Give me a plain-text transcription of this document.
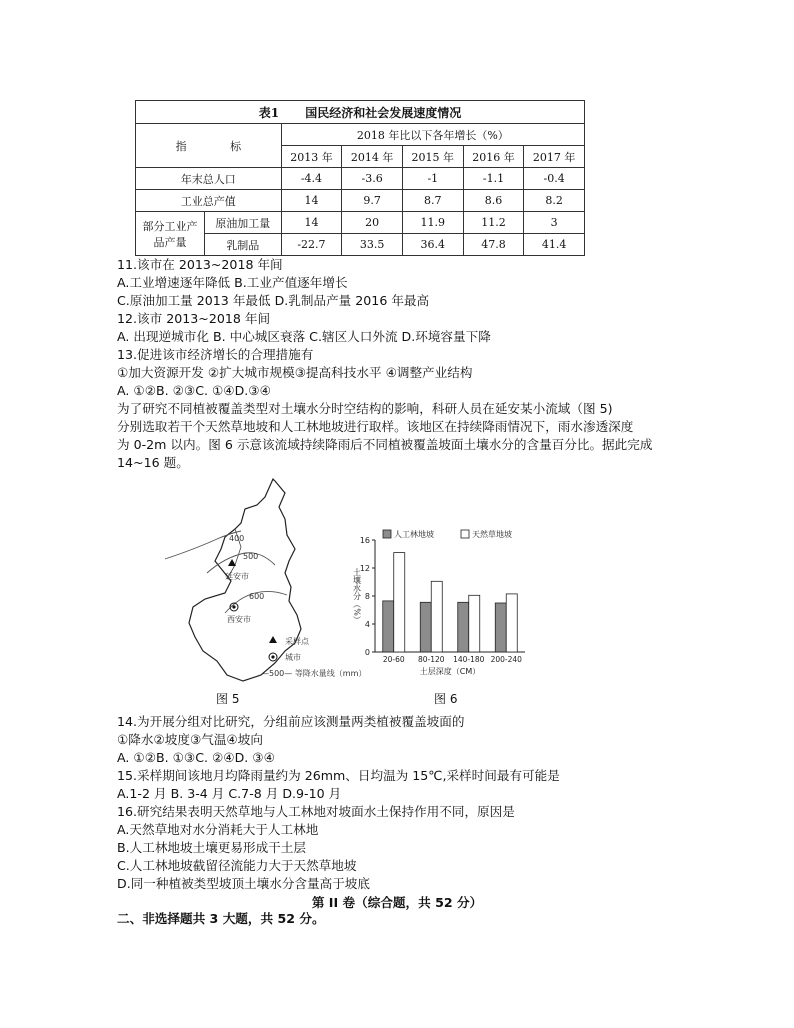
表1 国民经济和社会发展速度情况						
指 标		2018 年比以下各年增长（%）				
		2013 年	2014 年	2015 年	2016 年	2017 年
年末总人口		-4.4	-3.6	-1	-1.1	-0.4
工业总产值		14	9.7	8.7	8.6	8.2

部分工业产
品产量	原油加工量	14	20	11.9	11.2	3
	乳制品	-22.7	33.5	36.4	47.8	41.4
11.该市在 2013~2018 年间
A.工业增速逐年降低 B.工业产值逐年增长
C.原油加工量 2013 年最低 D.乳制品产量 2016 年最高
12.该市 2013~2018 年间
A. 出现逆城市化 B. 中心城区衰落 C.辖区人口外流 D.环境容量下降
13.促进该市经济增长的合理措施有
①加大资源开发 ②扩大城市规模③提高科技水平 ④调整产业结构
A. ①②B. ②③C. ①④D.③④
为了研究不同植被覆盖类型对土壤水分时空结构的影响，科研人员在延安某小流域（图 5)
分别选取若干个天然草地坡和人工林地坡进行取样。该地区在持续降雨情况下，雨水渗透深度
为 0-2m 以内。图 6 示意该流域持续降雨后不同植被覆盖坡面土壤水分的含量百分比。据此完成
14~16 题。
400
500
600
延安市
西安市
采样点
城市
—500— 等降水量线（mm）
图 5
0
4
8
12
16
土壤水分（%）
20-60 80-120 140-180 200-240
土层深度（CM）
人工林地坡	天然草地坡
图 6
14.为开展分组对比研究，分组前应该测量两类植被覆盖坡面的
①降水②坡度③气温④坡向
A. ①②B. ①③C. ②④D. ③④
15.采样期间该地月均降雨量约为 26mm、日均温为 15℃,采样时间最有可能是
A.1-2 月 B. 3-4 月 C.7-8 月 D.9-10 月
16.研究结果表明天然草地与人工林地对坡面水土保持作用不同，原因是
A.天然草地对水分消耗大于人工林地
B.人工林地坡土壤更易形成干土层
C.人工林地坡截留径流能力大于天然草地坡
D.同一种植被类型坡顶土壤水分含量高于坡底
第 II 卷（综合题，共 52 分）
二、非选择题共 3 大题，共 52 分。
